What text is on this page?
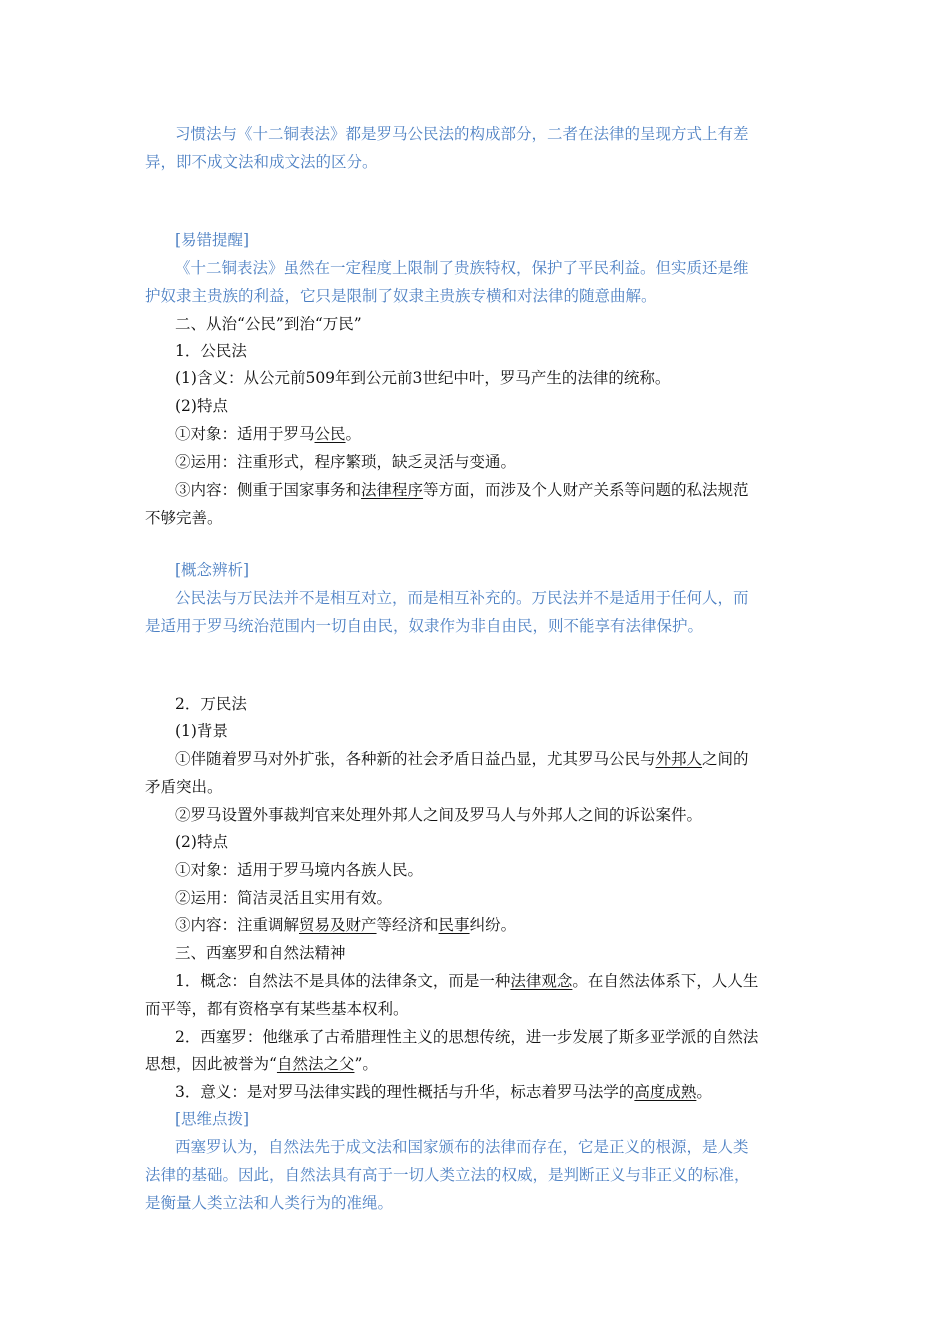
习惯法与《十二铜表法》都是罗马公民法的构成部分，二者在法律的呈现方式上有差
异，即不成文法和成文法的区分。
[易错提醒]
《十二铜表法》虽然在一定程度上限制了贵族特权，保护了平民利益。但实质还是维
护奴隶主贵族的利益，它只是限制了奴隶主贵族专横和对法律的随意曲解。
二、从治“公民”到治“万民”
1．公民法
(1)含义：从公元前509年到公元前3世纪中叶，罗马产生的法律的统称。
(2)特点
①对象：适用于罗马公民。
②运用：注重形式，程序繁琐，缺乏灵活与变通。
③内容：侧重于国家事务和法律程序等方面，而涉及个人财产关系等问题的私法规范
不够完善。
[概念辨析]
公民法与万民法并不是相互对立，而是相互补充的。万民法并不是适用于任何人，而
是适用于罗马统治范围内一切自由民，奴隶作为非自由民，则不能享有法律保护。
2．万民法
(1)背景
①伴随着罗马对外扩张，各种新的社会矛盾日益凸显，尤其罗马公民与外邦人之间的
矛盾突出。
②罗马设置外事裁判官来处理外邦人之间及罗马人与外邦人之间的诉讼案件。
(2)特点
①对象：适用于罗马境内各族人民。
②运用：简洁灵活且实用有效。
③内容：注重调解贸易及财产等经济和民事纠纷。
三、西塞罗和自然法精神
1．概念：自然法不是具体的法律条文，而是一种法律观念。在自然法体系下，人人生
而平等，都有资格享有某些基本权利。
2．西塞罗：他继承了古希腊理性主义的思想传统，进一步发展了斯多亚学派的自然法
思想，因此被誉为“自然法之父”。
3．意义：是对罗马法律实践的理性概括与升华，标志着罗马法学的高度成熟。
[思维点拨]
西塞罗认为，自然法先于成文法和国家颁布的法律而存在，它是正义的根源，是人类
法律的基础。因此，自然法具有高于一切人类立法的权威，是判断正义与非正义的标准，
是衡量人类立法和人类行为的准绳。
